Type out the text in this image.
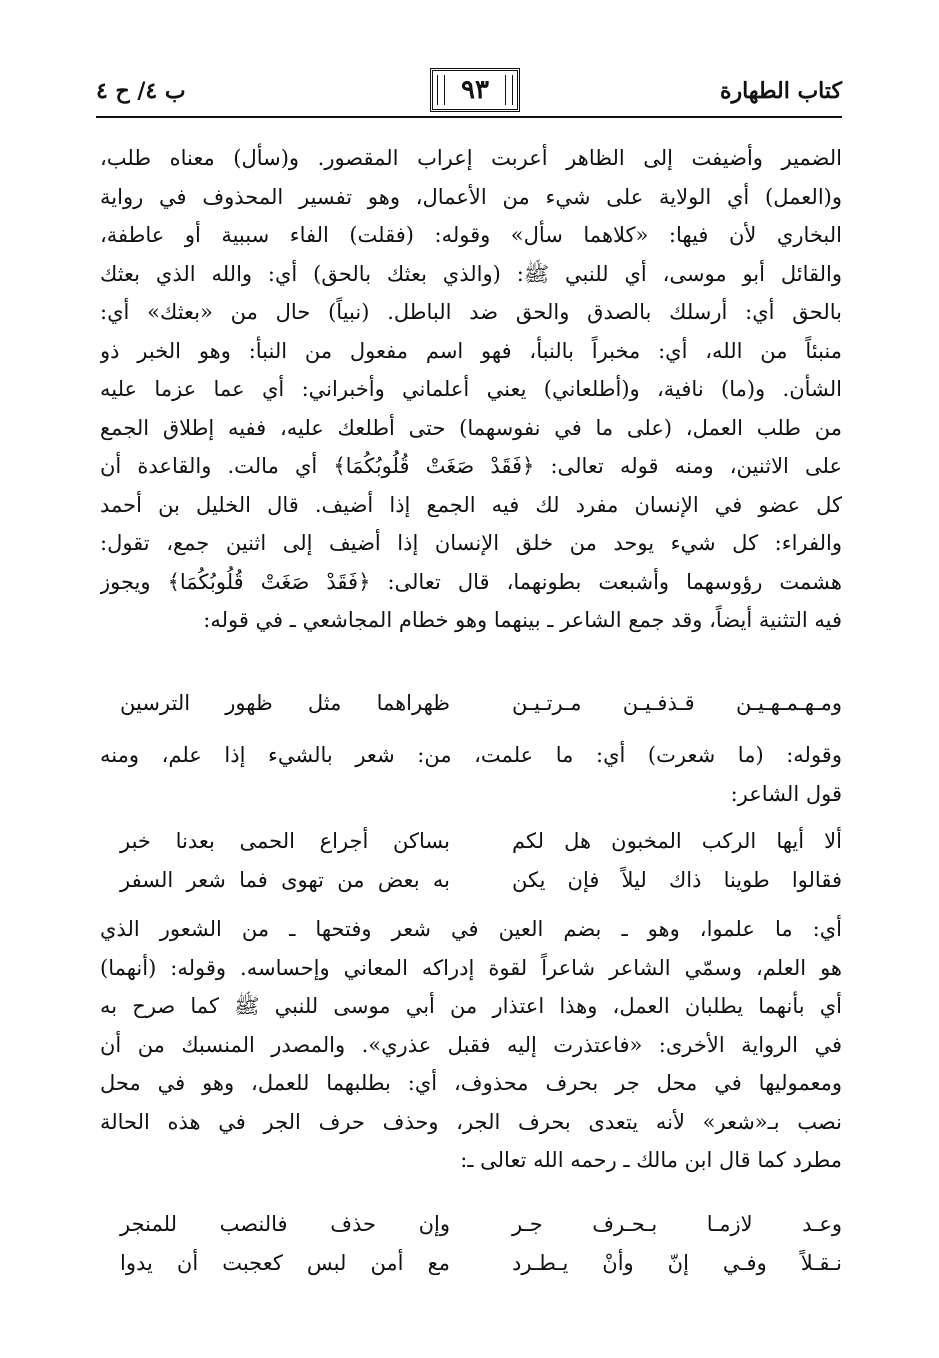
كتاب الطهارة
٩٣
ب ٤/ ح ٤
الضمير وأضيفت إلى الظاهر أعربت إعراب المقصور. و(سأل) معناه طلب،
و(العمل) أي الولاية على شيء من الأعمال، وهو تفسير المحذوف في رواية
البخاري لأن فيها: «كلاهما سأل» وقوله: (فقلت) الفاء سببية أو عاطفة،
والقائل أبو موسى، أي للنبي ﷺ: (والذي بعثك بالحق) أي: والله الذي بعثك
بالحق أي: أرسلك بالصدق والحق ضد الباطل. (نبياً) حال من «بعثك» أي:
منبئاً من الله، أي: مخبراً بالنبأ، فهو اسم مفعول من النبأ: وهو الخبر ذو
الشأن. و(ما) نافية، و(أطلعاني) يعني أعلماني وأخبراني: أي عما عزما عليه
من طلب العمل، (على ما في نفوسهما) حتى أطلعك عليه، ففيه إطلاق الجمع
على الاثنين، ومنه قوله تعالى: ﴿فَقَدْ صَغَتْ قُلُوبُكُمَا﴾ أي مالت. والقاعدة أن
كل عضو في الإنسان مفرد لك فيه الجمع إذا أضيف. قال الخليل بن أحمد
والفراء: كل شيء يوحد من خلق الإنسان إذا أضيف إلى اثنين جمع، تقول:
هشمت رؤوسهما وأشبعت بطونهما، قال تعالى: ﴿فَقَدْ صَغَتْ قُلُوبُكُمَا﴾ ويجوز
فيه التثنية أيضاً، وقد جمع الشاعر ـ بينهما وهو خطام المجاشعي ـ في قوله:
ومـهـمـهـيـن قـذفـيـن مـرتـيـن
ظهراهما مثل ظهور الترسين
وقوله: (ما شعرت) أي: ما علمت، من: شعر بالشيء إذا علم، ومنه
قول الشاعر:
ألا أيها الركب المخبون هل لكم
بساكن أجراع الحمى بعدنا خبر
فقالوا طوينا ذاك ليلاً فإن يكن
به بعض من تهوى فما شعر السفر
أي: ما علموا، وهو ـ بضم العين في شعر وفتحها ـ من الشعور الذي
هو العلم، وسمّي الشاعر شاعراً لقوة إدراكه المعاني وإحساسه. وقوله: (أنهما)
أي بأنهما يطلبان العمل، وهذا اعتذار من أبي موسى للنبي ﷺ كما صرح به
في الرواية الأخرى: «فاعتذرت إليه فقبل عذري». والمصدر المنسبك من أن
ومعموليها في محل جر بحرف محذوف، أي: بطلبهما للعمل، وهو في محل
نصب بـ«شعر» لأنه يتعدى بحرف الجر، وحذف حرف الجر في هذه الحالة
مطرد كما قال ابن مالك ـ رحمه الله تعالى ـ:
وعـد لازمـا بـحـرف جـر
وإن حذف فالنصب للمنجر
نـقـلاً وفـي إنّ وأنْ يـطـرد
مع أمن لبس كعجبت أن يدوا
